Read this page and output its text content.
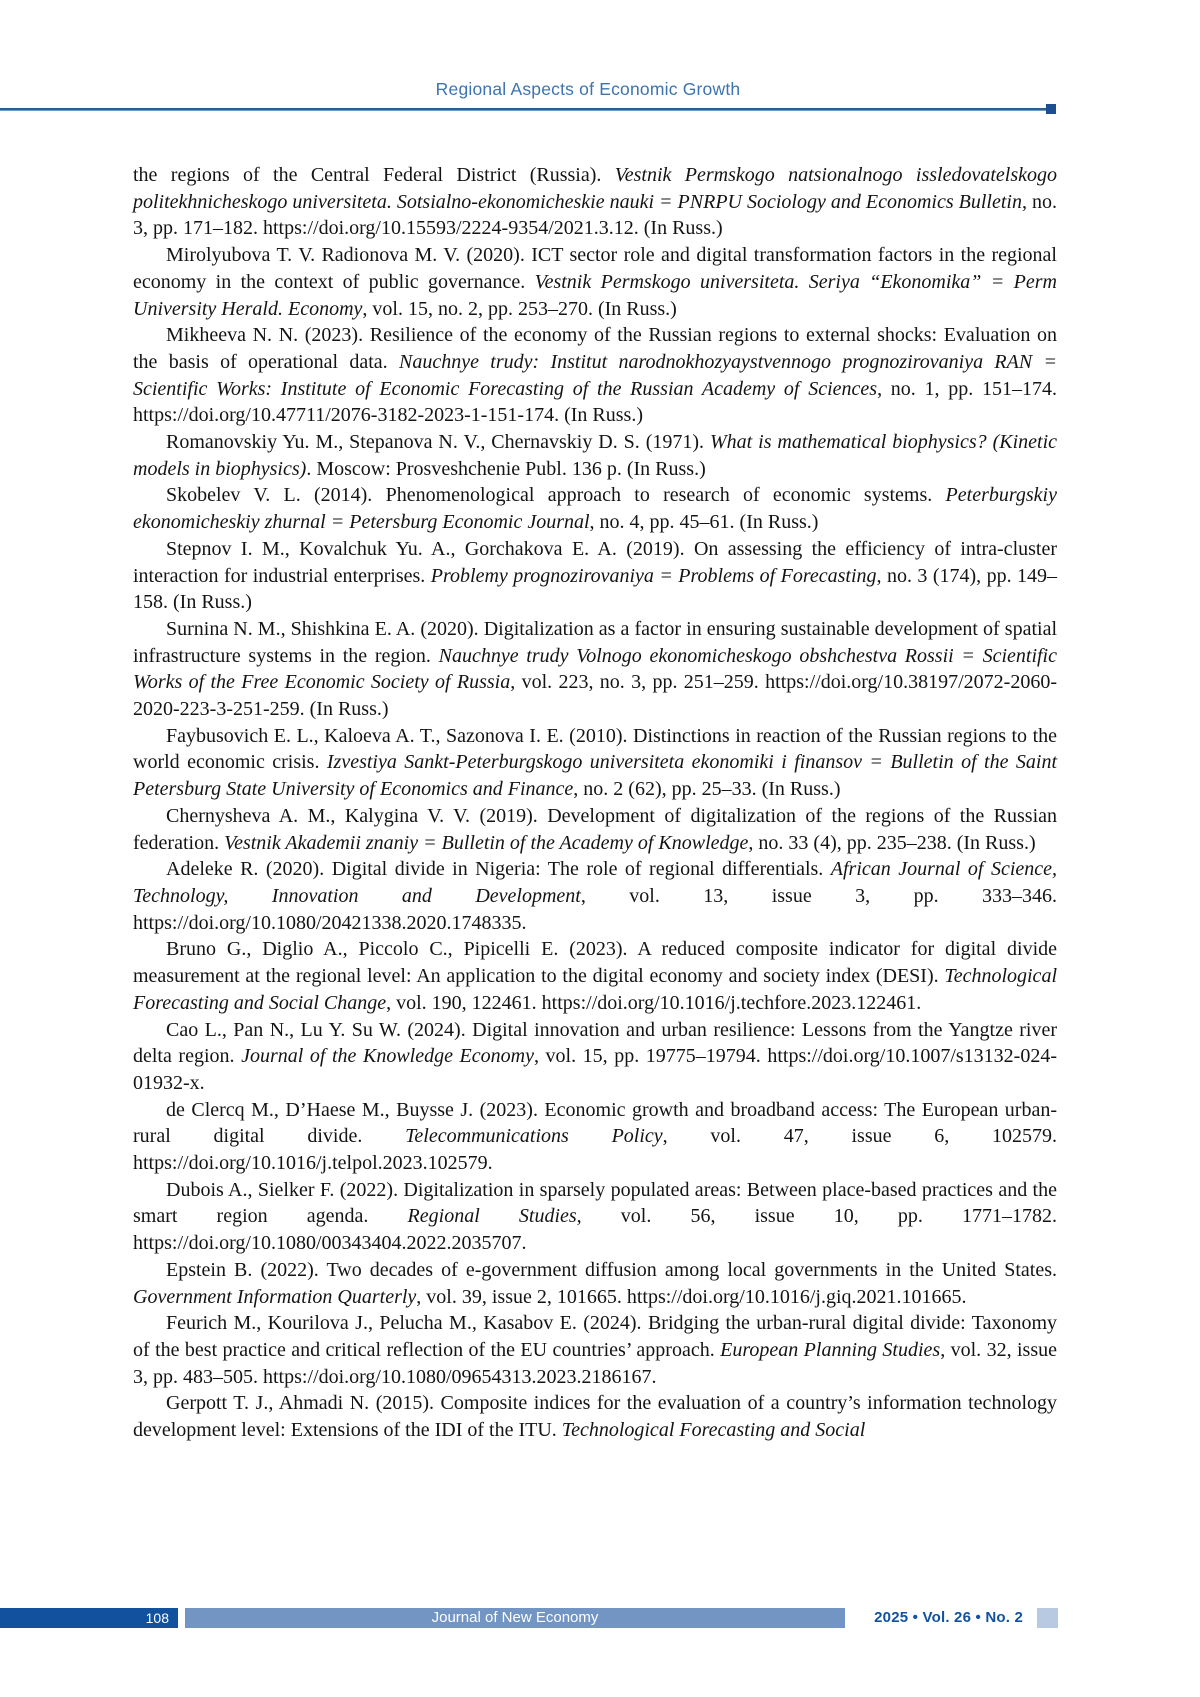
Regional Aspects of Economic Growth

the regions of the Central Federal District (Russia). Vestnik Permskogo natsionalnogo issledovatelskogo politekhnicheskogo universiteta. Sotsialno-ekonomicheskie nauki = PNRPU Sociology and Economics Bulletin, no. 3, pp. 171–182. https://doi.org/10.15593/2224-9354/2021.3.12. (In Russ.)

Mirolyubova T. V. Radionova M. V. (2020). ICT sector role and digital transformation factors in the regional economy in the context of public governance. Vestnik Permskogo universiteta. Seriya “Ekonomika” = Perm University Herald. Economy, vol. 15, no. 2, pp. 253–270. (In Russ.)

Mikheeva N. N. (2023). Resilience of the economy of the Russian regions to external shocks: Evaluation on the basis of operational data. Nauchnye trudy: Institut narodnokhozyaystvennogo prognozirovaniya RAN = Scientific Works: Institute of Economic Forecasting of the Russian Academy of Sciences, no. 1, pp. 151–174. https://doi.org/10.47711/2076-3182-2023-1-151-174. (In Russ.)

Romanovskiy Yu. M., Stepanova N. V., Chernavskiy D. S. (1971). What is mathematical biophysics? (Kinetic models in biophysics). Moscow: Prosveshchenie Publ. 136 p. (In Russ.)

Skobelev V. L. (2014). Phenomenological approach to research of economic systems. Peterburgskiy ekonomicheskiy zhurnal = Petersburg Economic Journal, no. 4, pp. 45–61. (In Russ.)

Stepnov I. M., Kovalchuk Yu. A., Gorchakova E. A. (2019). On assessing the efficiency of intra-cluster interaction for industrial enterprises. Problemy prognozirovaniya = Problems of Forecasting, no. 3 (174), pp. 149–158. (In Russ.)

Surnina N. M., Shishkina E. A. (2020). Digitalization as a factor in ensuring sustainable development of spatial infrastructure systems in the region. Nauchnye trudy Volnogo ekonomicheskogo obshchestva Rossii = Scientific Works of the Free Economic Society of Russia, vol. 223, no. 3, pp. 251–259. https://doi.org/10.38197/2072-2060-2020-223-3-251-259. (In Russ.)

Faybusovich E. L., Kaloeva A. T., Sazonova I. E. (2010). Distinctions in reaction of the Russian regions to the world economic crisis. Izvestiya Sankt-Peterburgskogo universiteta ekonomiki i finansov = Bulletin of the Saint Petersburg State University of Economics and Finance, no. 2 (62), pp. 25–33. (In Russ.)

Chernysheva A. M., Kalygina V. V. (2019). Development of digitalization of the regions of the Russian federation. Vestnik Akademii znaniy = Bulletin of the Academy of Knowledge, no. 33 (4), pp. 235–238. (In Russ.)

Adeleke R. (2020). Digital divide in Nigeria: The role of regional differentials. African Journal of Science, Technology, Innovation and Development, vol. 13, issue 3, pp. 333–346. https://doi.org/10.1080/20421338.2020.1748335.

Bruno G., Diglio A., Piccolo C., Pipicelli E. (2023). A reduced composite indicator for digital divide measurement at the regional level: An application to the digital economy and society index (DESI). Technological Forecasting and Social Change, vol. 190, 122461. https://doi.org/10.1016/j.techfore.2023.122461.

Cao L., Pan N., Lu Y. Su W. (2024). Digital innovation and urban resilience: Lessons from the Yangtze river delta region. Journal of the Knowledge Economy, vol. 15, pp. 19775–19794. https://doi.org/10.1007/s13132-024-01932-x.

de Clercq M., D’Haese M., Buysse J. (2023). Economic growth and broadband access: The European urban-rural digital divide. Telecommunications Policy, vol. 47, issue 6, 102579. https://doi.org/10.1016/j.telpol.2023.102579.

Dubois A., Sielker F. (2022). Digitalization in sparsely populated areas: Between place-based practices and the smart region agenda. Regional Studies, vol. 56, issue 10, pp. 1771–1782. https://doi.org/10.1080/00343404.2022.2035707.

Epstein B. (2022). Two decades of e-government diffusion among local governments in the United States. Government Information Quarterly, vol. 39, issue 2, 101665. https://doi.org/10.1016/j.giq.2021.101665.

Feurich M., Kourilova J., Pelucha M., Kasabov E. (2024). Bridging the urban-rural digital divide: Taxonomy of the best practice and critical reflection of the EU countries’ approach. European Planning Studies, vol. 32, issue 3, pp. 483–505. https://doi.org/10.1080/09654313.2023.2186167.

Gerpott T. J., Ahmadi N. (2015). Composite indices for the evaluation of a country’s information technology development level: Extensions of the IDI of the ITU. Technological Forecasting and Social

108	Journal of New Economy	2025 • Vol. 26 • No. 2
